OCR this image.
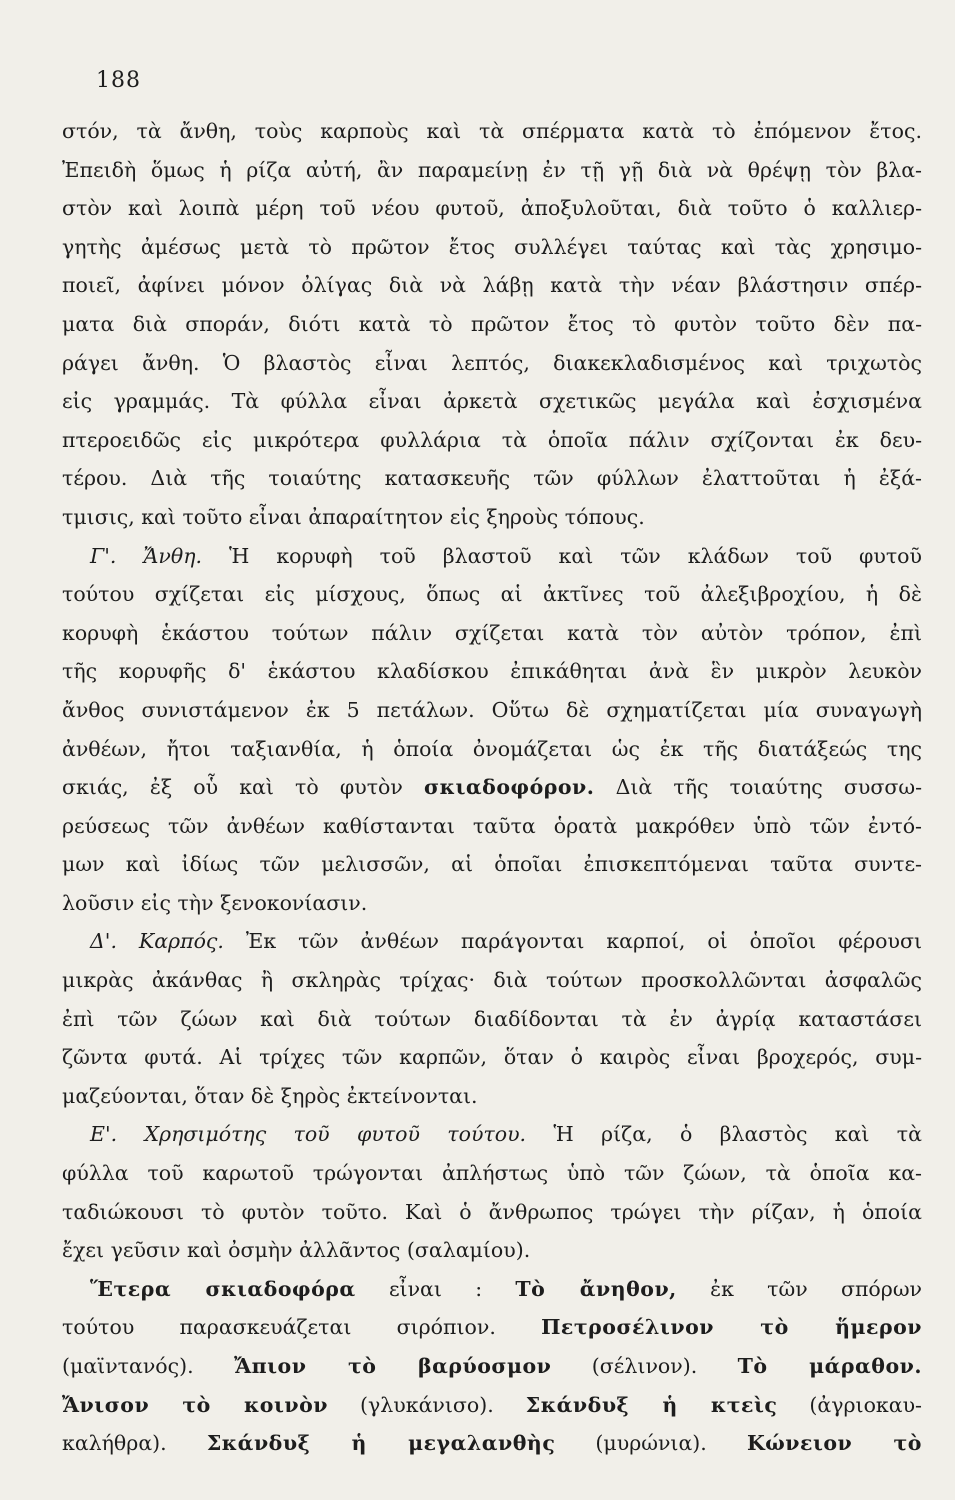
188
στόν, τὰ ἄνθη, τοὺς καρποὺς καὶ τὰ σπέρματα κατὰ τὸ ἐπόμενον ἔτος.
Ἐπειδὴ ὅμως ἡ ρίζα αὐτή, ἂν παραμείνῃ ἐν τῇ γῇ διὰ νὰ θρέψῃ τὸν βλα-
στὸν καὶ λοιπὰ μέρη τοῦ νέου φυτοῦ, ἀποξυλοῦται, διὰ τοῦτο ὁ καλλιερ-
γητὴς ἀμέσως μετὰ τὸ πρῶτον ἔτος συλλέγει ταύτας καὶ τὰς χρησιμο-
ποιεῖ, ἀφίνει μόνον ὀλίγας διὰ νὰ λάβῃ κατὰ τὴν νέαν βλάστησιν σπέρ-
ματα διὰ σποράν, διότι κατὰ τὸ πρῶτον ἔτος τὸ φυτὸν τοῦτο δὲν πα-
ράγει ἄνθη. Ὁ βλαστὸς εἶναι λεπτός, διακεκλαδισμένος καὶ τριχωτὸς
εἰς γραμμάς. Τὰ φύλλα εἶναι ἀρκετὰ σχετικῶς μεγάλα καὶ ἐσχισμένα
πτεροειδῶς εἰς μικρότερα φυλλάρια τὰ ὁποῖα πάλιν σχίζονται ἐκ δευ-
τέρου. Διὰ τῆς τοιαύτης κατασκευῆς τῶν φύλλων ἐλαττοῦται ἡ ἐξά-
τμισις, καὶ τοῦτο εἶναι ἀπαραίτητον εἰς ξηροὺς τόπους.
Γ'. Ἄνθη. Ἡ κορυφὴ τοῦ βλαστοῦ καὶ τῶν κλάδων τοῦ φυτοῦ
τούτου σχίζεται εἰς μίσχους, ὅπως αἱ ἀκτῖνες τοῦ ἀλεξιβροχίου, ἡ δὲ
κορυφὴ ἑκάστου τούτων πάλιν σχίζεται κατὰ τὸν αὐτὸν τρόπον, ἐπὶ
τῆς κορυφῆς δ' ἑκάστου κλαδίσκου ἐπικάθηται ἀνὰ ἓν μικρὸν λευκὸν
ἄνθος συνιστάμενον ἐκ 5 πετάλων. Οὕτω δὲ σχηματίζεται μία συναγωγὴ
ἀνθέων, ἤτοι ταξιανθία, ἡ ὁποία ὀνομάζεται ὡς ἐκ τῆς διατάξεώς της
σκιάς, ἐξ οὗ καὶ τὸ φυτὸν σκιαδοφόρον. Διὰ τῆς τοιαύτης συσσω-
ρεύσεως τῶν ἀνθέων καθίστανται ταῦτα ὁρατὰ μακρόθεν ὑπὸ τῶν ἐντό-
μων καὶ ἰδίως τῶν μελισσῶν, αἱ ὁποῖαι ἐπισκεπτόμεναι ταῦτα συντε-
λοῦσιν εἰς τὴν ξενοκονίασιν.
Δ'. Καρπός. Ἐκ τῶν ἀνθέων παράγονται καρποί, οἱ ὁποῖοι φέρουσι
μικρὰς ἀκάνθας ἢ σκληρὰς τρίχας· διὰ τούτων προσκολλῶνται ἀσφαλῶς
ἐπὶ τῶν ζώων καὶ διὰ τούτων διαδίδονται τὰ ἐν ἀγρίᾳ καταστάσει
ζῶντα φυτά. Αἱ τρίχες τῶν καρπῶν, ὅταν ὁ καιρὸς εἶναι βροχερός, συμ-
μαζεύονται, ὅταν δὲ ξηρὸς ἐκτείνονται.
Ε'. Χρησιμότης τοῦ φυτοῦ τούτου. Ἡ ρίζα, ὁ βλαστὸς καὶ τὰ
φύλλα τοῦ καρωτοῦ τρώγονται ἀπλήστως ὑπὸ τῶν ζώων, τὰ ὁποῖα κα-
ταδιώκουσι τὸ φυτὸν τοῦτο. Καὶ ὁ ἄνθρωπος τρώγει τὴν ρίζαν, ἡ ὁποία
ἔχει γεῦσιν καὶ ὀσμὴν ἀλλᾶντος (σαλαμίου).
Ἕτερα σκιαδοφόρα εἶναι : Τὸ ἄνηθον, ἐκ τῶν σπόρων
τούτου παρασκευάζεται σιρόπιον. Πετροσέλινον τὸ ἥμερον
(μαϊντανός). Ἄπιον τὸ βαρύοσμον (σέλινον). Τὸ μάραθον.
Ἄνισον τὸ κοινὸν (γλυκάνισο). Σκάνδυξ ἡ κτεὶς (ἀγριοκαυ-
καλήθρα). Σκάνδυξ ἡ μεγαλανθὴς (μυρώνια). Κώνειον τὸ
